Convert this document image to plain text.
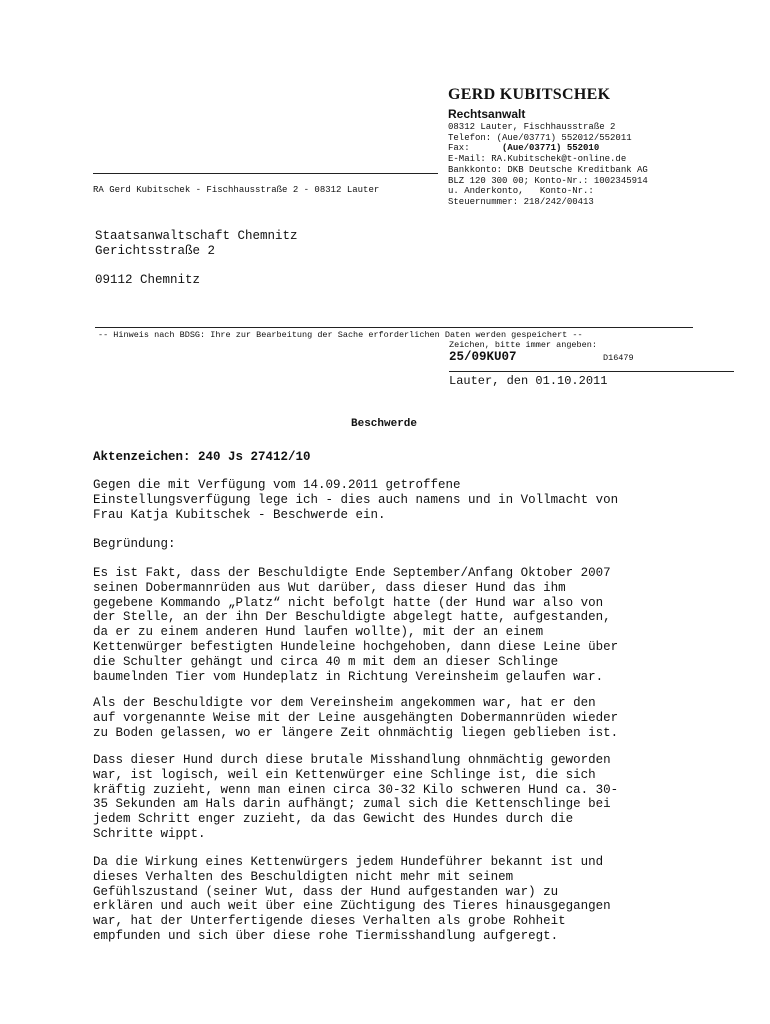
GERD KUBITSCHEK
Rechtsanwalt
08312 Lauter, Fischhausstraße 2
Telefon: (Aue/03771) 552012/552011
Fax:      (Aue/03771) 552010
E-Mail: RA.Kubitschek@t-online.de
Bankkonto: DKB Deutsche Kreditbank AG
BLZ 120 300 00; Konto-Nr.: 1002345914
u. Anderkonto,   Konto-Nr.:
Steuernummer: 218/242/00413
RA Gerd Kubitschek - Fischhausstraße 2 - 08312 Lauter
Staatsanwaltschaft Chemnitz
Gerichtsstraße 2
09112 Chemnitz
-- Hinweis nach BDSG: Ihre zur Bearbeitung der Sache erforderlichen Daten werden gespeichert --
Zeichen, bitte immer angeben:
25/09KU07	D16479
Lauter, den 01.10.2011
Beschwerde
Aktenzeichen: 240 Js 27412/10
Gegen die mit Verfügung vom 14.09.2011 getroffene
Einstellungsverfügung lege ich - dies auch namens und in Vollmacht von
Frau Katja Kubitschek - Beschwerde ein.
Begründung:
Es ist Fakt, dass der Beschuldigte Ende September/Anfang Oktober 2007
seinen Dobermannrüden aus Wut darüber, dass dieser Hund das ihm
gegebene Kommando „Platz“ nicht befolgt hatte (der Hund war also von
der Stelle, an der ihn Der Beschuldigte abgelegt hatte, aufgestanden,
da er zu einem anderen Hund laufen wollte), mit der an einem
Kettenwürger befestigten Hundeleine hochgehoben, dann diese Leine über
die Schulter gehängt und circa 40 m mit dem an dieser Schlinge
baumelnden Tier vom Hundeplatz in Richtung Vereinsheim gelaufen war.
Als der Beschuldigte vor dem Vereinsheim angekommen war, hat er den
auf vorgenannte Weise mit der Leine ausgehängten Dobermannrüden wieder
zu Boden gelassen, wo er längere Zeit ohnmächtig liegen geblieben ist.
Dass dieser Hund durch diese brutale Misshandlung ohnmächtig geworden
war, ist logisch, weil ein Kettenwürger eine Schlinge ist, die sich
kräftig zuzieht, wenn man einen circa 30-32 Kilo schweren Hund ca. 30-
35 Sekunden am Hals darin aufhängt; zumal sich die Kettenschlinge bei
jedem Schritt enger zuzieht, da das Gewicht des Hundes durch die
Schritte wippt.
Da die Wirkung eines Kettenwürgers jedem Hundeführer bekannt ist und
dieses Verhalten des Beschuldigten nicht mehr mit seinem
Gefühlszustand (seiner Wut, dass der Hund aufgestanden war) zu
erklären und auch weit über eine Züchtigung des Tieres hinausgegangen
war, hat der Unterfertigende dieses Verhalten als grobe Rohheit
empfunden und sich über diese rohe Tiermisshandlung aufgeregt.
